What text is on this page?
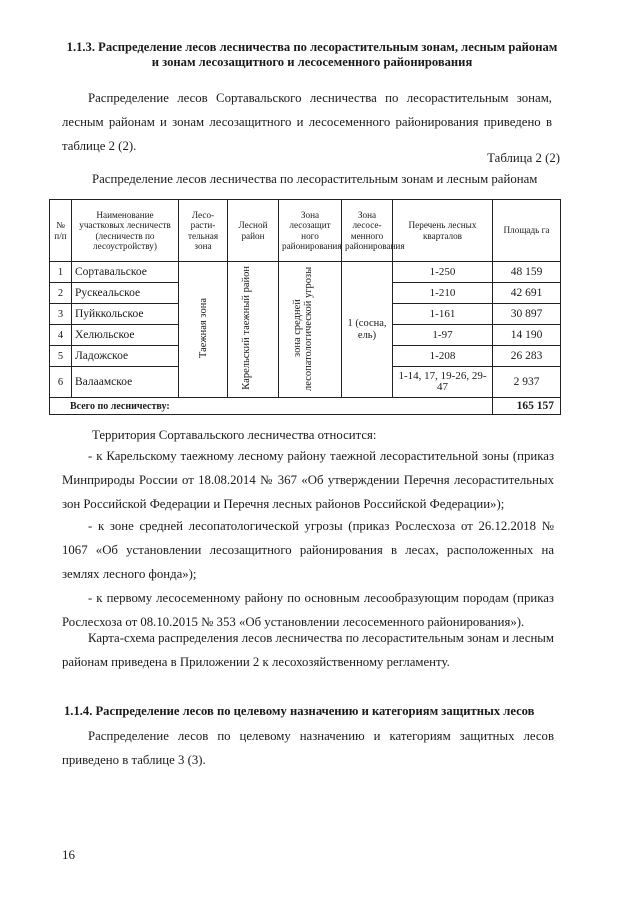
1.1.3. Распределение лесов лесничества по лесорастительным зонам, лесным районам
и зонам лесозащитного и лесосеменного районирования
Распределение лесов Сортавальского лесничества по лесорастительным зонам, лесным районам и зонам лесозащитного и лесосеменного районирования приведено в таблице 2 (2).
Таблица 2 (2)
Распределение лесов лесничества по лесорастительным зонам и лесным районам
№ п/п	Наименование участковых лесничеств (лесничеств по лесоустройству)	Лесо-расти-тельная зона	Лесной район	Зона лесозащит ного районирования	Зона лесосе-менного районирования	Перечень лесных кварталов	Площадь га
1	Сортавальское	Таежная зона	Карельский таежный район	зона средней лесопатологической угрозы	1 (сосна, ель)	1-250	48 159
2	Рускеальское					1-210	42 691
3	Пуйккольское					1-161	30 897
4	Хелюльское					1-97	14 190
5	Ладожское					1-208	26 283
6	Валаамское					1-14, 17, 19-26, 29-47	2 937
Всего по лесничеству:							165 157
Территория Сортавальского лесничества относится:
- к Карельскому таежному лесному району таежной лесорастительной зоны (приказ Минприроды России от 18.08.2014 № 367 «Об утверждении Перечня лесорастительных зон Российской Федерации и Перечня лесных районов Российской Федерации»);
- к зоне средней лесопатологической угрозы (приказ Рослесхоза от 26.12.2018 № 1067 «Об установлении лесозащитного районирования в лесах, расположенных на землях лесного фонда»);
- к первому лесосеменному району по основным лесообразующим породам (приказ Рослесхоза от 08.10.2015 № 353 «Об установлении лесосеменного районирования»).
Карта-схема распределения лесов лесничества по лесорастительным зонам и лесным районам приведена в Приложении 2 к лесохозяйственному регламенту.
1.1.4. Распределение лесов по целевому назначению и категориям защитных лесов
Распределение лесов по целевому назначению и категориям защитных лесов приведено в таблице 3 (3).
16
